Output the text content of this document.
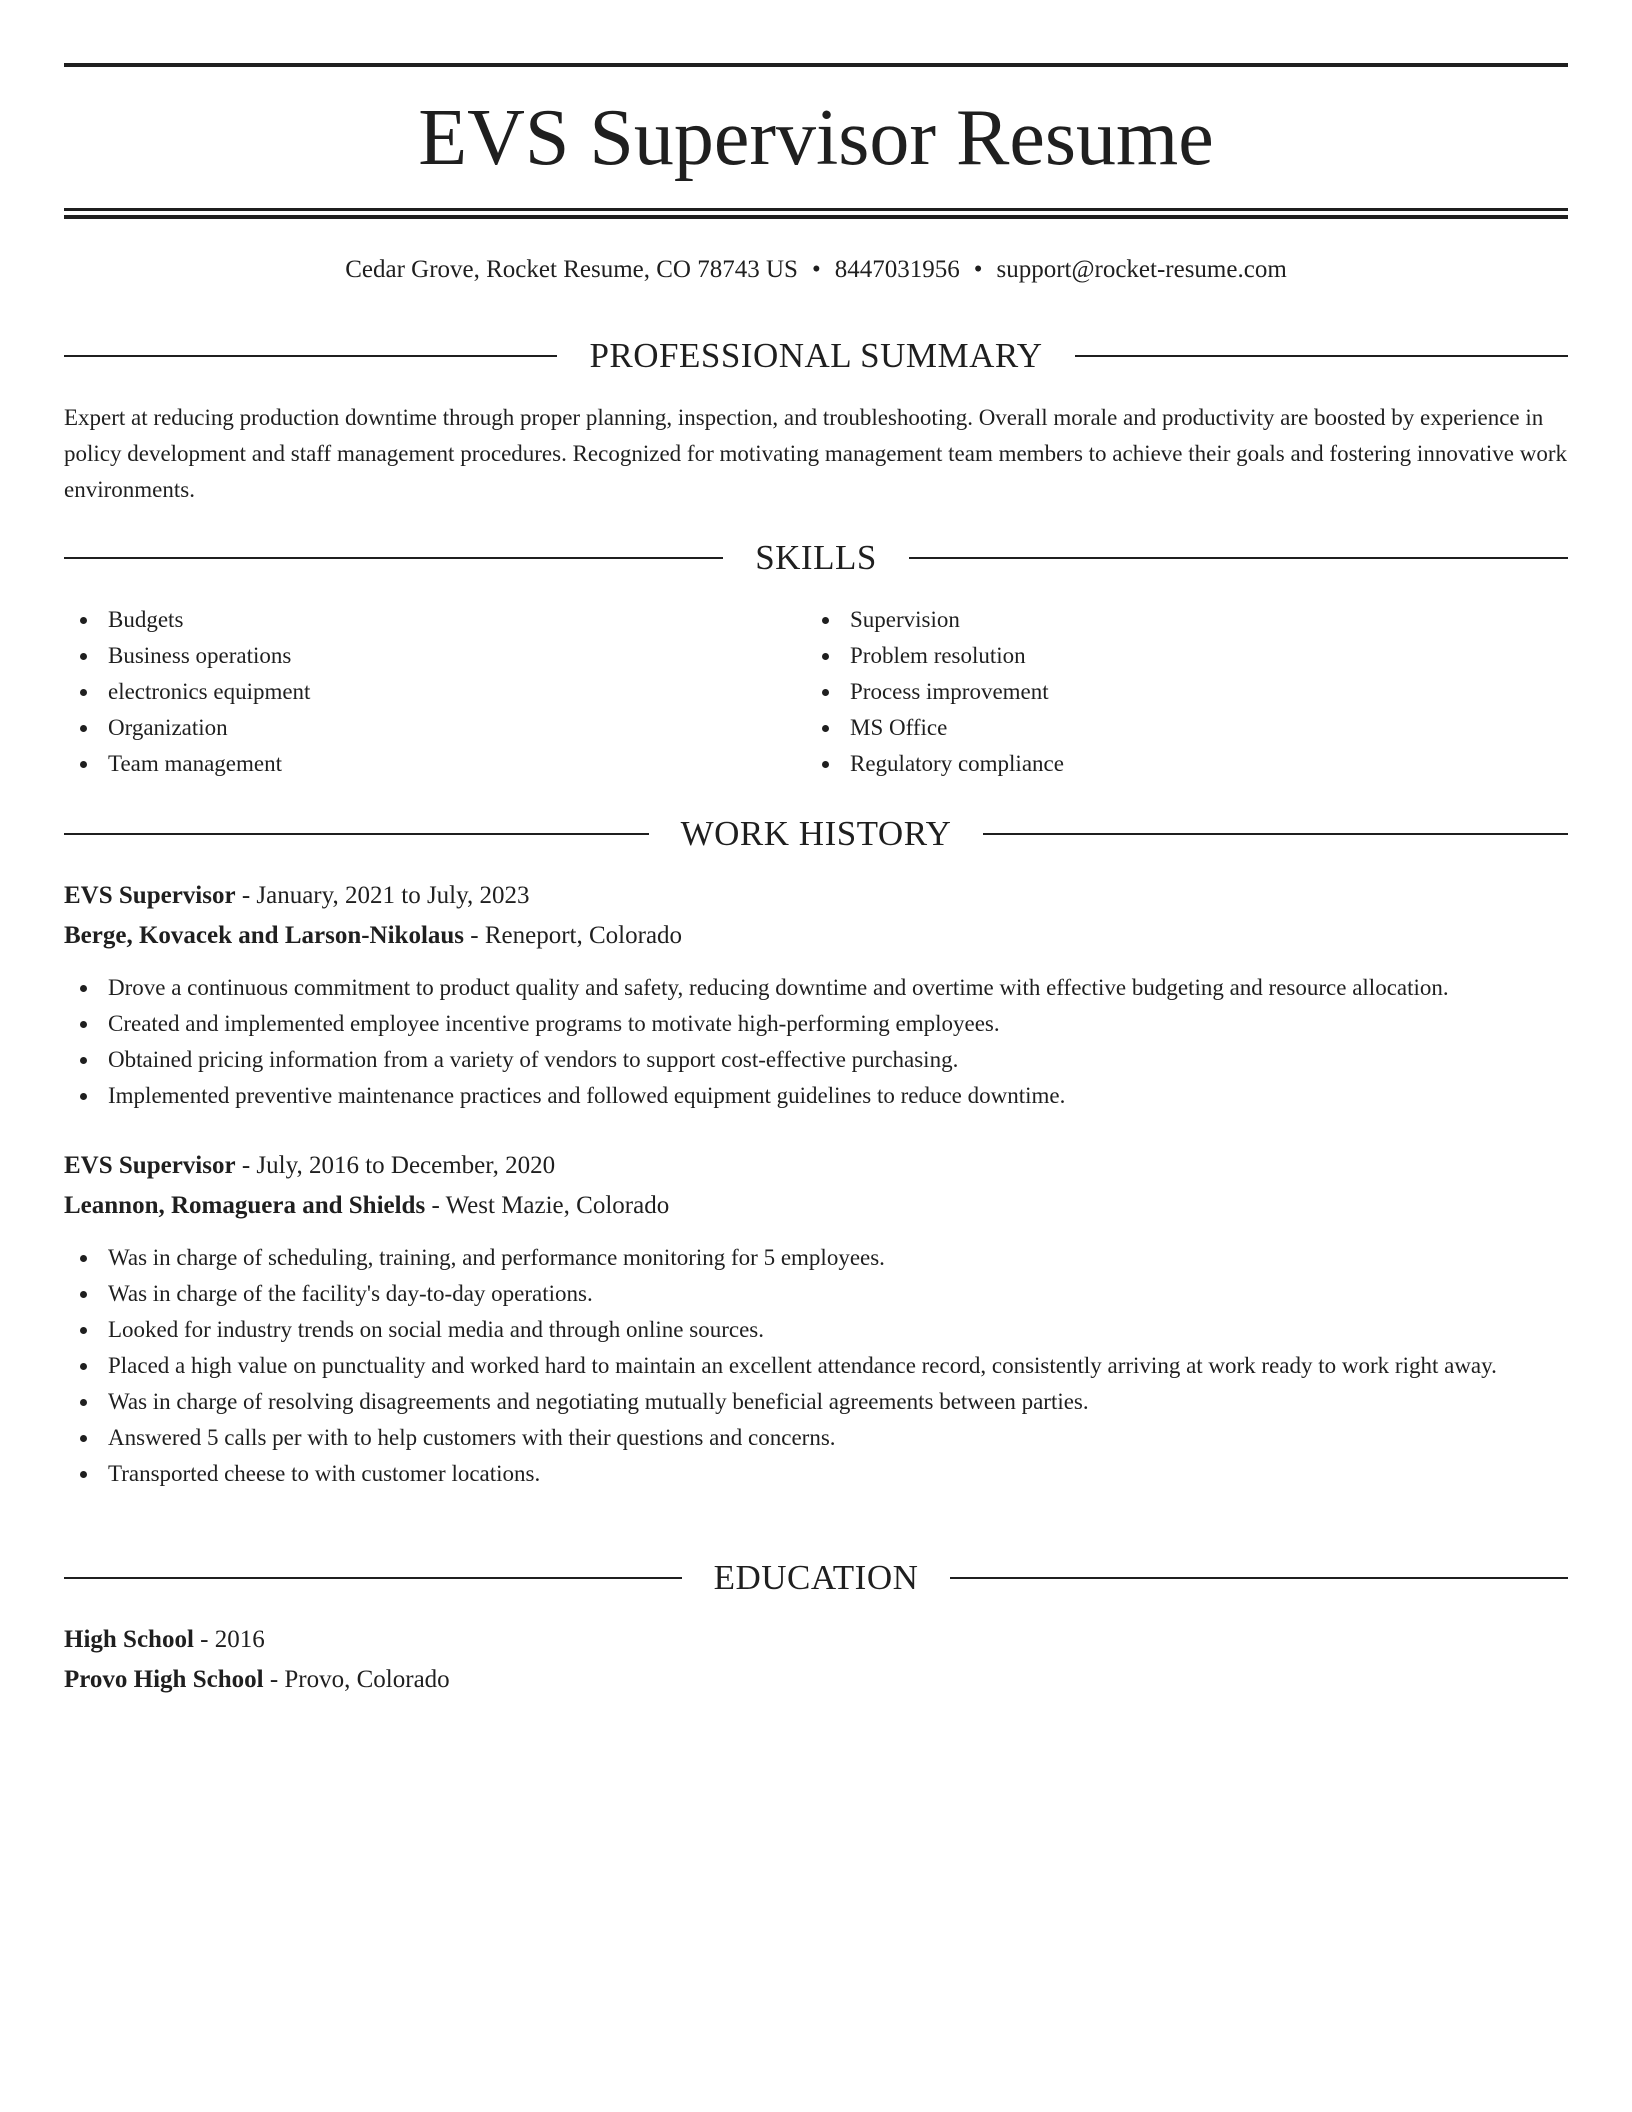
EVS Supervisor Resume
Cedar Grove, Rocket Resume, CO 78743 US • 8447031956 • support@rocket-resume.com
PROFESSIONAL SUMMARY

Expert at reducing production downtime through proper planning, inspection, and troubleshooting. Overall morale and productivity are boosted by experience in policy development and staff management procedures. Recognized for motivating management team members to achieve their goals and fostering innovative work environments.

SKILLS
Budgets
Business operations
electronics equipment
Organization
Team management
Supervision
Problem resolution
Process improvement
MS Office
Regulatory compliance
WORK HISTORY
EVS Supervisor - January, 2021 to July, 2023
Berge, Kovacek and Larson-Nikolaus - Reneport, Colorado
Drove a continuous commitment to product quality and safety, reducing downtime and overtime with effective budgeting and resource allocation.
Created and implemented employee incentive programs to motivate high-performing employees.
Obtained pricing information from a variety of vendors to support cost-effective purchasing.
Implemented preventive maintenance practices and followed equipment guidelines to reduce downtime.
EVS Supervisor - July, 2016 to December, 2020
Leannon, Romaguera and Shields - West Mazie, Colorado
Was in charge of scheduling, training, and performance monitoring for 5 employees.
Was in charge of the facility's day-to-day operations.
Looked for industry trends on social media and through online sources.
Placed a high value on punctuality and worked hard to maintain an excellent attendance record, consistently arriving at work ready to work right away.
Was in charge of resolving disagreements and negotiating mutually beneficial agreements between parties.
Answered 5 calls per with to help customers with their questions and concerns.
Transported cheese to with customer locations.
EDUCATION
High School - 2016
Provo High School - Provo, Colorado
